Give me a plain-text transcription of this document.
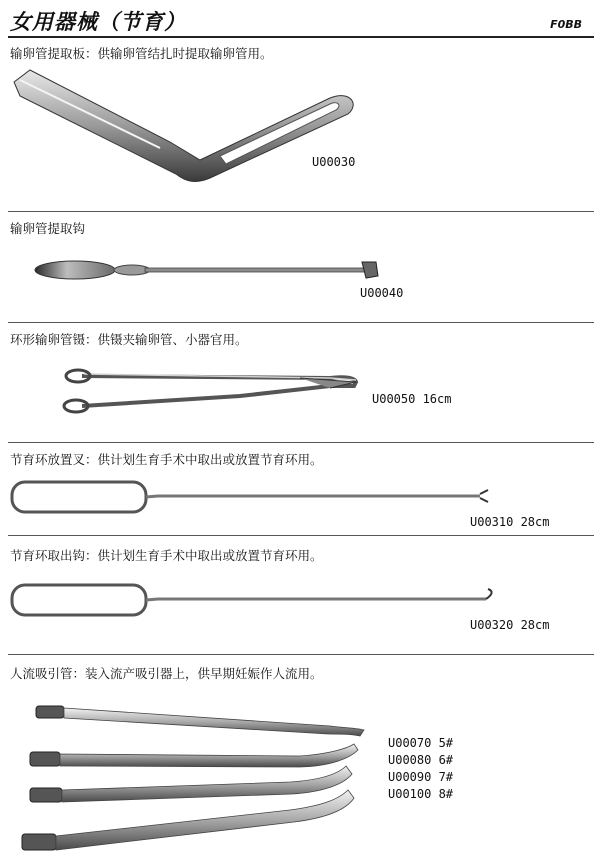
女用器械（节育）	F0BB
输卵管提取板：供输卵管结扎时提取输卵管用。
U00030
输卵管提取钩
U00040
环形输卵管镊：供镊夹输卵管、小器官用。
U00050 16cm
节育环放置叉：供计划生育手术中取出或放置节育环用。
U00310 28cm
节育环取出钩：供计划生育手术中取出或放置节育环用。
U00320 28cm
人流吸引管：装入流产吸引器上，供早期妊娠作人流用。
U00070 5#
U00080 6#
U00090 7#
U00100 8#
